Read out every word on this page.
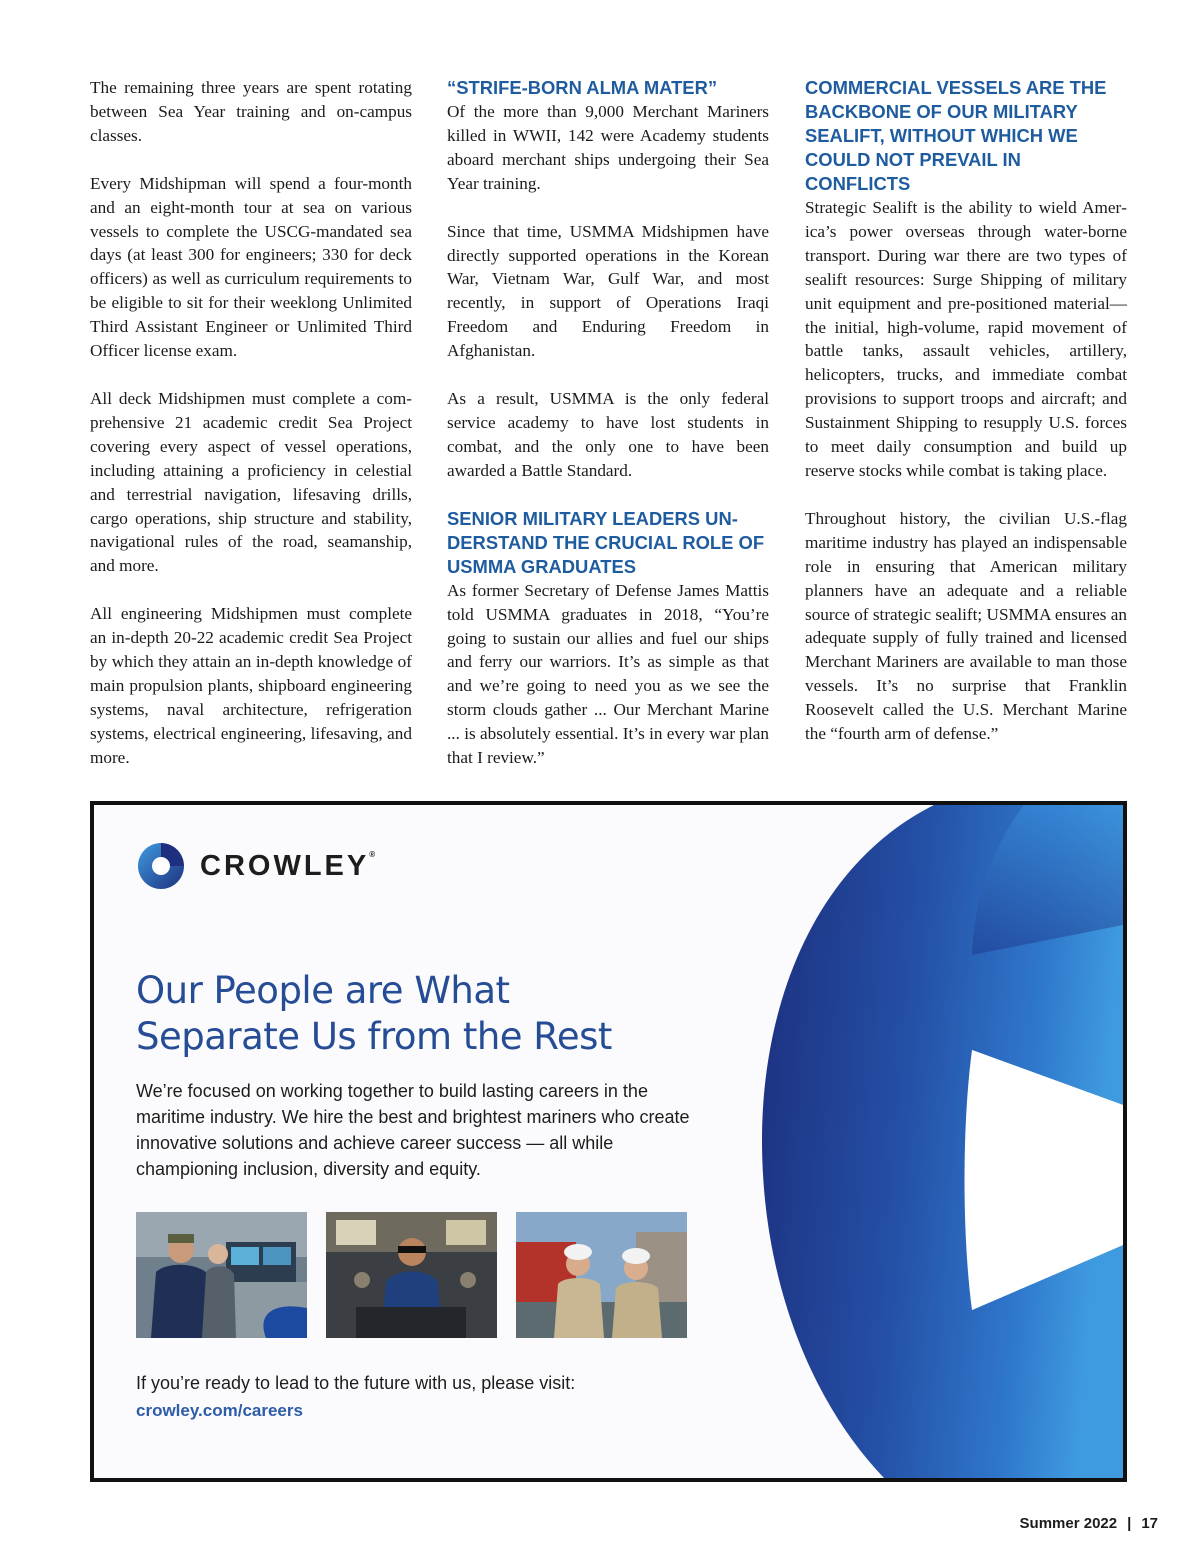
The remaining three years are spent rotating between Sea Year training and on-campus classes.

Every Midshipman will spend a four-month and an eight-month tour at sea on various vessels to complete the USCG-mandated sea days (at least 300 for engineers; 330 for deck officers) as well as curriculum requirements to be eligible to sit for their weeklong Unlimited Third Assistant Engineer or Unlimited Third Officer license exam.

All deck Midshipmen must complete a comprehensive 21 academic credit Sea Project covering every aspect of vessel operations, including attaining a proficiency in celestial and terrestrial navigation, lifesaving drills, cargo operations, ship structure and stability, navigational rules of the road, seamanship, and more.

All engineering Midshipmen must complete an in-depth 20-22 academic credit Sea Project by which they attain an in-depth knowledge of main propulsion plants, shipboard engineering systems, naval architecture, refrigeration systems, electrical engineering, lifesaving, and more.

“STRIFE-BORN ALMA MATER”

Of the more than 9,000 Merchant Mariners killed in WWII, 142 were Academy students aboard merchant ships undergoing their Sea Year training.

Since that time, USMMA Midshipmen have directly supported operations in the Korean War, Vietnam War, Gulf War, and most recently, in support of Operations Iraqi Freedom and Enduring Freedom in Afghanistan.

As a result, USMMA is the only federal service academy to have lost students in combat, and the only one to have been awarded a Battle Standard.

SENIOR MILITARY LEADERS UNDERSTAND THE CRUCIAL ROLE OF USMMA GRADUATES

As former Secretary of Defense James Mattis told USMMA graduates in 2018, “You’re going to sustain our allies and fuel our ships and ferry our warriors. It’s as simple as that and we’re going to need you as we see the storm clouds gather ... Our Merchant Marine ... is absolutely essential. It’s in every war plan that I review.”

COMMERCIAL VESSELS ARE THE BACKBONE OF OUR MILITARY SEALIFT, WITHOUT WHICH WE COULD NOT PREVAIL IN CONFLICTS

Strategic Sealift is the ability to wield America’s power overseas through water-borne transport. During war there are two types of sealift resources: Surge Shipping of military unit equipment and pre-positioned material—the initial, high-volume, rapid movement of battle tanks, assault vehicles, artillery, helicopters, trucks, and immediate combat provisions to support troops and aircraft; and Sustainment Shipping to resupply U.S. forces to meet daily consumption and build up reserve stocks while combat is taking place.

Throughout history, the civilian U.S.-flag maritime industry has played an indispensable role in ensuring that American military planners have an adequate and a reliable source of strategic sealift; USMMA ensures an adequate supply of fully trained and licensed Merchant Mariners are available to man those vessels. It’s no surprise that Franklin Roosevelt called the U.S. Merchant Marine the “fourth arm of defense.”

CROWLEY®
Our People are What
Separate Us from the Rest
We’re focused on working together to build lasting careers in the maritime industry. We hire the best and brightest mariners who create innovative solutions and achieve career success — all while championing inclusion, diversity and equity.
If you’re ready to lead to the future with us, please visit:
crowley.com/careers
Summer 2022 | 17
